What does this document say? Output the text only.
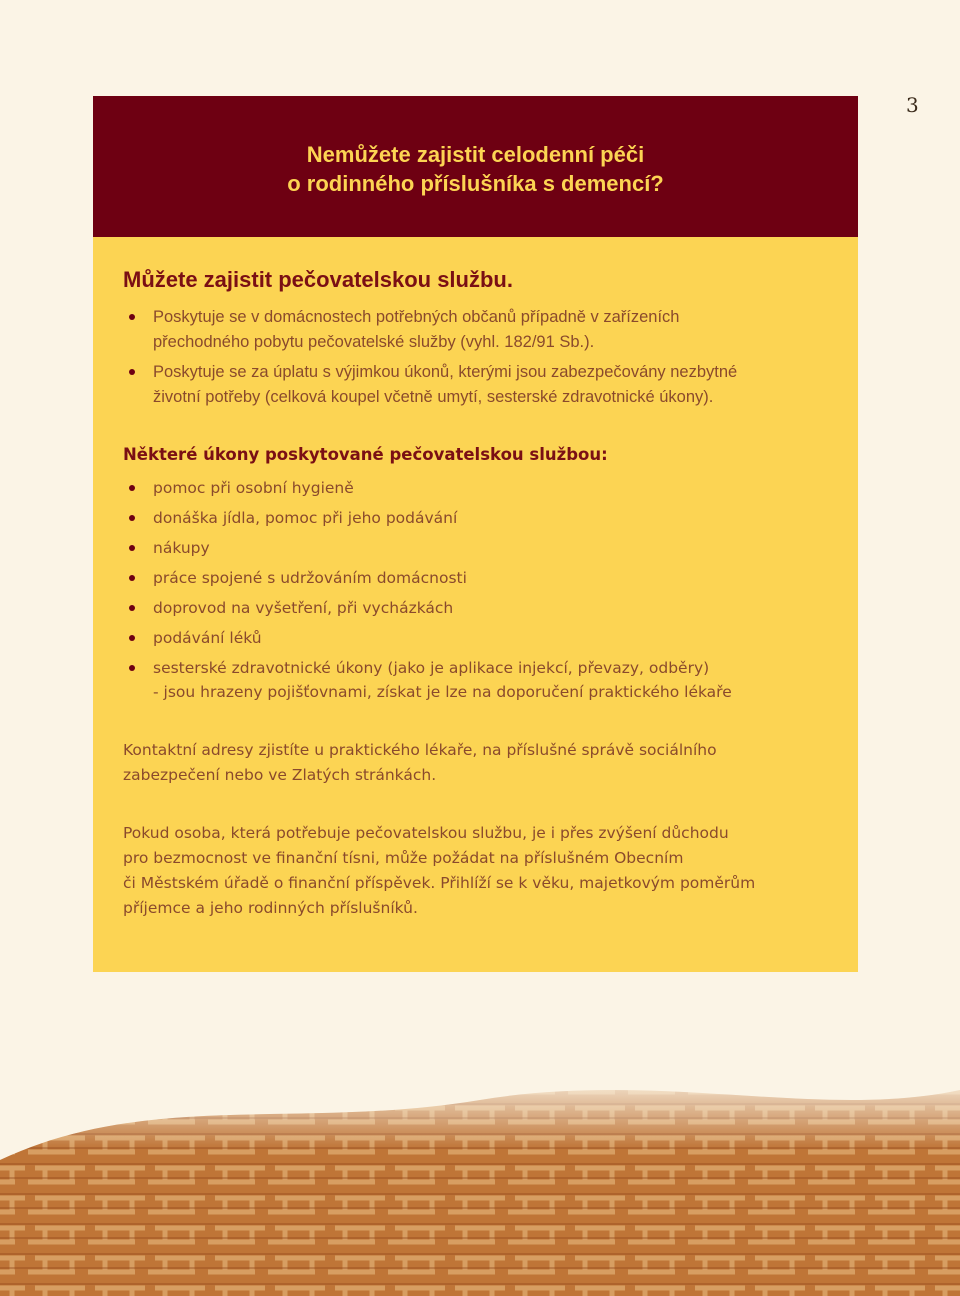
3
Nemůžete zajistit celodenní péči
o rodinného příslušníka s demencí?
Můžete zajistit pečovatelskou službu.
Poskytuje se v domácnostech potřebných občanů případně v zařízeních
přechodného pobytu pečovatelské služby (vyhl. 182/91 Sb.).
Poskytuje se za úplatu s výjimkou úkonů, kterými jsou zabezpečovány nezbytné
životní potřeby (celková koupel včetně umytí, sesterské zdravotnické úkony).
Některé úkony poskytované pečovatelskou službou:
pomoc při osobní hygieně
donáška jídla, pomoc při jeho podávání
nákupy
práce spojené s udržováním domácnosti
doprovod na vyšetření, při vycházkách
podávání léků
sesterské zdravotnické úkony (jako je aplikace injekcí, převazy, odběry)
- jsou hrazeny pojišťovnami, získat je lze na doporučení praktického lékaře

Kontaktní adresy zjistíte u praktického lékaře, na příslušné správě sociálního
zabezpečení nebo ve Zlatých stránkách.

Pokud osoba, která potřebuje pečovatelskou službu, je i přes zvýšení důchodu
pro bezmocnost ve finanční tísni, může požádat na příslušném Obecním
či Městském úřadě o finanční příspěvek. Přihlíží se k věku, majetkovým poměrům
příjemce a jeho rodinných příslušníků.
